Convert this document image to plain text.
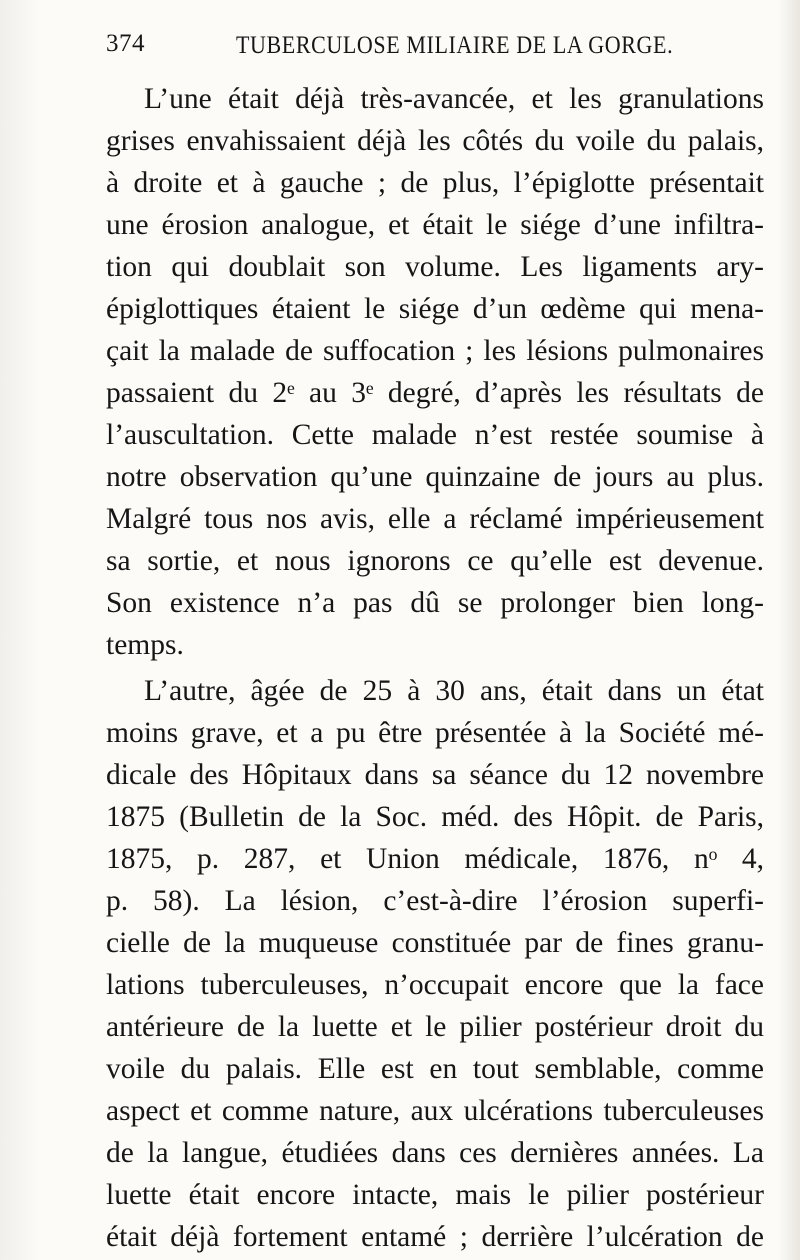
374	TUBERCULOSE MILIAIRE DE LA GORGE.
L’une était déjà très-avancée, et les granulations
grises envahissaient déjà les côtés du voile du palais,
à droite et à gauche ; de plus, l’épiglotte présentait
une érosion analogue, et était le siége d’une infiltra-
tion qui doublait son volume. Les ligaments ary-
épiglottiques étaient le siége d’un œdème qui mena-
çait la malade de suffocation ; les lésions pulmonaires
passaient du 2ᵉ au 3ᵉ degré, d’après les résultats de
l’auscultation. Cette malade n’est restée soumise à
notre observation qu’une quinzaine de jours au plus.
Malgré tous nos avis, elle a réclamé impérieusement
sa sortie, et nous ignorons ce qu’elle est devenue.
Son existence n’a pas dû se prolonger bien long-
temps.
L’autre, âgée de 25 à 30 ans, était dans un état
moins grave, et a pu être présentée à la Société mé-
dicale des Hôpitaux dans sa séance du 12 novembre
1875 (Bulletin de la Soc. méd. des Hôpit. de Paris,
1875, p. 287, et Union médicale, 1876, nᵒ 4,
p. 58). La lésion, c’est-à-dire l’érosion superfi-
cielle de la muqueuse constituée par de fines granu-
lations tuberculeuses, n’occupait encore que la face
antérieure de la luette et le pilier postérieur droit du
voile du palais. Elle est en tout semblable, comme
aspect et comme nature, aux ulcérations tuberculeuses
de la langue, étudiées dans ces dernières années. La
luette était encore intacte, mais le pilier postérieur
était déjà fortement entamé ; derrière l’ulcération de
